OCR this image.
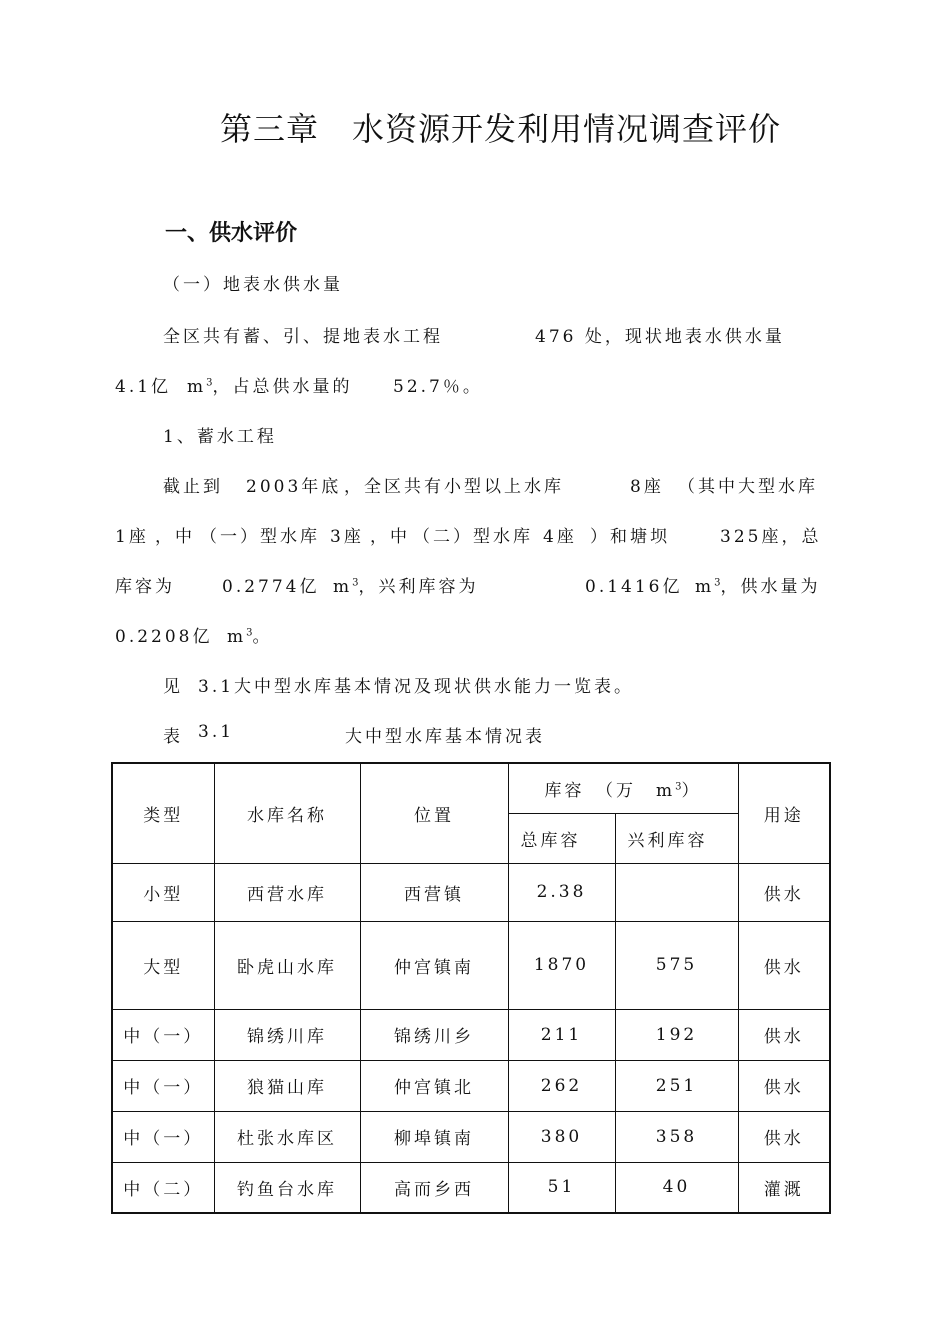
第三章　水资源开发利用情况调查评价
一、供水评价
（一）地表水供水量
全区共有蓄、引、提地表水工程	476 处，现状地表水供水量
4.1亿 $m^3$，占总供水量的 52.7％。
1、蓄水工程
截止到 2003年底 ，全区共有小型以上水库	8座 （其中大型水库
1座 ，中 （一）型水库 3座 ，中 （二）型水库 4座 ）和塘坝	325座，总
库容为	0.2774亿 $m^3$，兴利库容为	0.1416亿 $m^3$，供水量为
0.2208亿 $m^3$。
见 3.1大中型水库基本情况及现状供水能力一览表。
表 3.1	大中型水库基本情况表
类型	水库名称	位置	库容　 （万　 $m^3$）		用途
			总库容	兴利库容	
小型	西营水库	西营镇	2.38		供水
大型	卧虎山水库	仲宫镇南	1870	575	供水
中（一）	锦绣川库	锦绣川乡	211	192	供水
中（一）	狼猫山库	仲宫镇北	262	251	供水
中（一）	杜张水库区	柳埠镇南	380	358	供水
中（二）	钓鱼台水库	高而乡西	51	40	灌溉
